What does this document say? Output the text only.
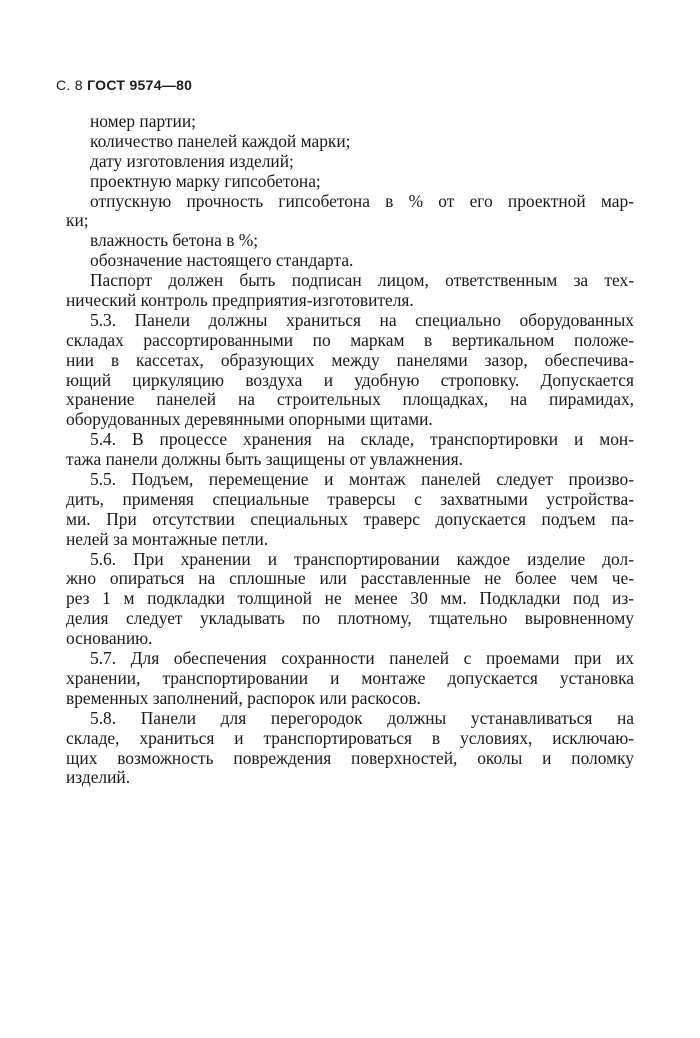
С. 8 ГОСТ 9574—80
номер партии;
количество панелей каждой марки;
дату изготовления изделий;
проектную марку гипсобетона;
отпускную прочность гипсобетона в % от его проектной мар-
ки;
влажность бетона в %;
обозначение настоящего стандарта.
Паспорт должен быть подписан лицом, ответственным за тех-
нический контроль предприятия-изготовителя.
5.3. Панели должны храниться на специально оборудованных
складах рассортированными по маркам в вертикальном положе-
нии в кассетах, образующих между панелями зазор, обеспечива-
ющий циркуляцию воздуха и удобную строповку. Допускается
хранение панелей на строительных площадках, на пирамидах,
оборудованных деревянными опорными щитами.
5.4. В процессе хранения на складе, транспортировки и мон-
тажа панели должны быть защищены от увлажнения.
5.5. Подъем, перемещение и монтаж панелей следует произво-
дить, применяя специальные траверсы с захватными устройства-
ми. При отсутствии специальных траверс допускается подъем па-
нелей за монтажные петли.
5.6. При хранении и транспортировании каждое изделие дол-
жно опираться на сплошные или расставленные не более чем че-
рез 1 м подкладки толщиной не менее 30 мм. Подкладки под из-
делия следует укладывать по плотному, тщательно выровненному
основанию.
5.7. Для обеспечения сохранности панелей с проемами при их
хранении, транспортировании и монтаже допускается установка
временных заполнений, распорок или раскосов.
5.8. Панели для перегородок должны устанавливаться на
складе, храниться и транспортироваться в условиях, исключаю-
щих возможность повреждения поверхностей, околы и поломку
изделий.
